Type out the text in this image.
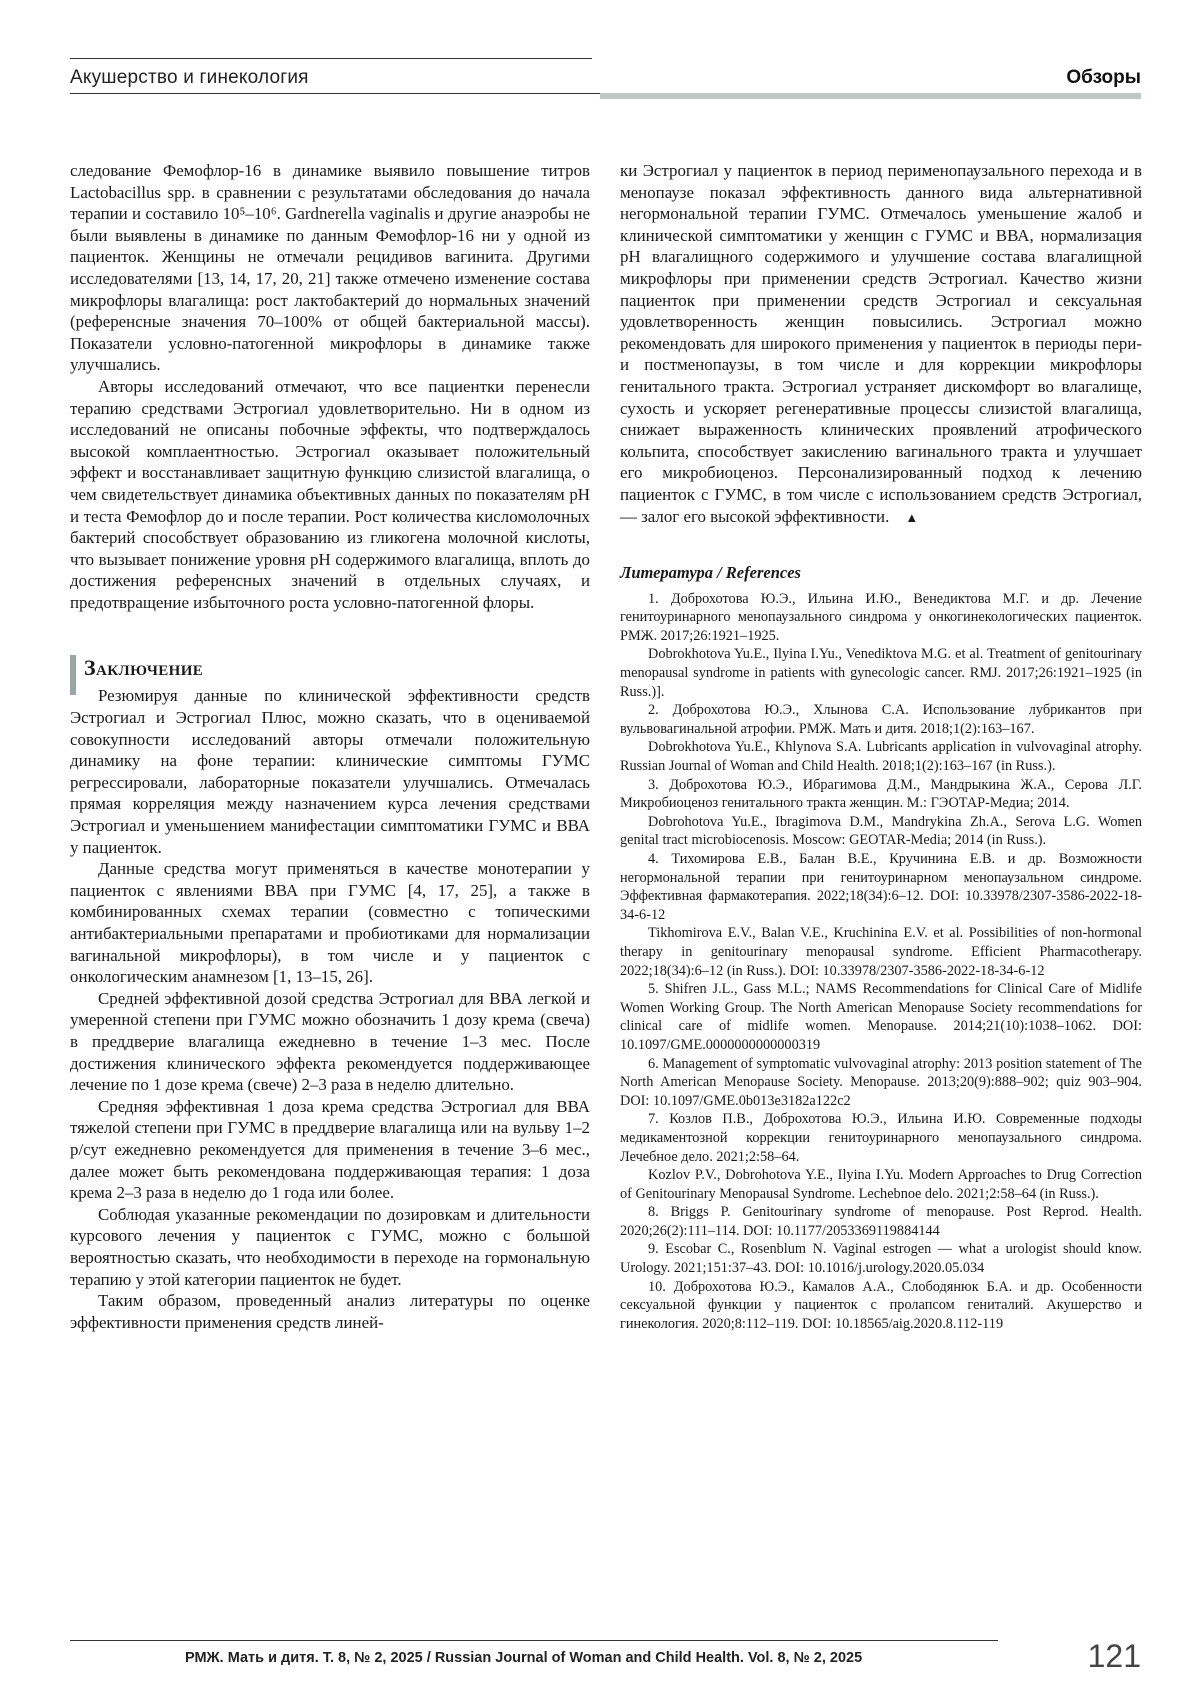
Акушерство и гинекология	Обзоры

следование Фемофлор-16 в динамике выявило повышение титров Lactobacillus spp. в сравнении с результатами обследования до начала терапии и составило 10⁵–10⁶. Gardnerella vaginalis и другие анаэробы не были выявлены в динамике по данным Фемофлор-16 ни у одной из пациенток. Женщины не отмечали рецидивов вагинита. Другими исследователями [13, 14, 17, 20, 21] также отмечено изменение состава микрофлоры влагалища: рост лактобактерий до нормальных значений (референсные значения 70–100% от общей бактериальной массы). Показатели условно-патогенной микрофлоры в динамике также улучшались.

Авторы исследований отмечают, что все пациентки перенесли терапию средствами Эстрогиал удовлетворительно. Ни в одном из исследований не описаны побочные эффекты, что подтверждалось высокой комплаентностью. Эстрогиал оказывает положительный эффект и восстанавливает защитную функцию слизистой влагалища, о чем свидетельствует динамика объективных данных по показателям pH и теста Фемофлор до и после терапии. Рост количества кисломолочных бактерий способствует образованию из гликогена молочной кислоты, что вызывает понижение уровня pH содержимого влагалища, вплоть до достижения референсных значений в отдельных случаях, и предотвращение избыточного роста условно-патогенной флоры.

Заключение

Резюмируя данные по клинической эффективности средств Эстрогиал и Эстрогиал Плюс, можно сказать, что в оцениваемой совокупности исследований авторы отмечали положительную динамику на фоне терапии: клинические симптомы ГУМС регрессировали, лабораторные показатели улучшались. Отмечалась прямая корреляция между назначением курса лечения средствами Эстрогиал и уменьшением манифестации симптоматики ГУМС и ВВА у пациенток.

Данные средства могут применяться в качестве монотерапии у пациенток с явлениями ВВА при ГУМС [4, 17, 25], а также в комбинированных схемах терапии (совместно с топическими антибактериальными препаратами и пробиотиками для нормализации вагинальной микрофлоры), в том числе и у пациенток с онкологическим анамнезом [1, 13–15, 26].

Средней эффективной дозой средства Эстрогиал для ВВА легкой и умеренной степени при ГУМС можно обозначить 1 дозу крема (свеча) в преддверие влагалища ежедневно в течение 1–3 мес. После достижения клинического эффекта рекомендуется поддерживающее лечение по 1 дозе крема (свече) 2–3 раза в неделю длительно.

Средняя эффективная 1 доза крема средства Эстрогиал для ВВА тяжелой степени при ГУМС в преддверие влагалища или на вульву 1–2 р/сут ежедневно рекомендуется для применения в течение 3–6 мес., далее может быть рекомендована поддерживающая терапия: 1 доза крема 2–3 раза в неделю до 1 года или более.

Соблюдая указанные рекомендации по дозировкам и длительности курсового лечения у пациенток с ГУМС, можно с большой вероятностью сказать, что необходимости в переходе на гормональную терапию у этой категории пациенток не будет.

Таким образом, проведенный анализ литературы по оценке эффективности применения средств линей-

ки Эстрогиал у пациенток в период перименопаузального перехода и в менопаузе показал эффективность данного вида альтернативной негормональной терапии ГУМС. Отмечалось уменьшение жалоб и клинической симптоматики у женщин с ГУМС и ВВА, нормализация pH влагалищного содержимого и улучшение состава влагалищной микрофлоры при применении средств Эстрогиал. Качество жизни пациенток при применении средств Эстрогиал и сексуальная удовлетворенность женщин повысились. Эстрогиал можно рекомендовать для широкого применения у пациенток в периоды пери- и постменопаузы, в том числе и для коррекции микрофлоры генитального тракта. Эстрогиал устраняет дискомфорт во влагалище, сухость и ускоряет регенеративные процессы слизистой влагалища, снижает выраженность клинических проявлений атрофического кольпита, способствует закислению вагинального тракта и улучшает его микробиоценоз. Персонализированный подход к лечению пациенток с ГУМС, в том числе с использованием средств Эстрогиал, — залог его высокой эффективности. ▲

Литература / References

1. Доброхотова Ю.Э., Ильина И.Ю., Венедиктова М.Г. и др. Лечение генитоуринарного менопаузального синдрома у онкогинекологических пациенток. РМЖ. 2017;26:1921–1925.

Dobrokhotova Yu.E., Ilyina I.Yu., Venediktova M.G. et al. Treatment of genitourinary menopausal syndrome in patients with gynecologic cancer. RMJ. 2017;26:1921–1925 (in Russ.)].

2. Доброхотова Ю.Э., Хлынова С.А. Использование лубрикантов при вульвовагинальной атрофии. РМЖ. Мать и дитя. 2018;1(2):163–167.

Dobrokhotova Yu.E., Khlynova S.A. Lubricants application in vulvovaginal atrophy. Russian Journal of Woman and Child Health. 2018;1(2):163–167 (in Russ.).

3. Доброхотова Ю.Э., Ибрагимова Д.М., Мандрыкина Ж.А., Серова Л.Г. Микробиоценоз генитального тракта женщин. М.: ГЭОТАР-Медиа; 2014.

Dobrohotova Yu.E., Ibragimova D.M., Mandrykina Zh.A., Serova L.G. Women genital tract microbiocenosis. Moscow: GEOTAR-Media; 2014 (in Russ.).

4. Тихомирова Е.В., Балан В.Е., Кручинина Е.В. и др. Возможности негормональной терапии при генитоуринарном менопаузальном синдроме. Эффективная фармакотерапия. 2022;18(34):6–12. DOI: 10.33978/2307-3586-2022-18-34-6-12

Tikhomirova E.V., Balan V.E., Kruchinina E.V. et al. Possibilities of non-hormonal therapy in genitourinary menopausal syndrome. Efficient Pharmacotherapy. 2022;18(34):6–12 (in Russ.). DOI: 10.33978/2307-3586-2022-18-34-6-12

5. Shifren J.L., Gass M.L.; NAMS Recommendations for Clinical Care of Midlife Women Working Group. The North American Menopause Society recommendations for clinical care of midlife women. Menopause. 2014;21(10):1038–1062. DOI: 10.1097/GME.0000000000000319

6. Management of symptomatic vulvovaginal atrophy: 2013 position statement of The North American Menopause Society. Menopause. 2013;20(9):888–902; quiz 903–904. DOI: 10.1097/GME.0b013e3182a122c2

7. Козлов П.В., Доброхотова Ю.Э., Ильина И.Ю. Современные подходы медикаментозной коррекции генитоуринарного менопаузального синдрома. Лечебное дело. 2021;2:58–64.

Kozlov P.V., Dobrohotova Y.E., Ilyina I.Yu. Modern Approaches to Drug Correction of Genitourinary Menopausal Syndrome. Lechebnoe delo. 2021;2:58–64 (in Russ.).

8. Briggs P. Genitourinary syndrome of menopause. Post Reprod. Health. 2020;26(2):111–114. DOI: 10.1177/2053369119884144

9. Escobar C., Rosenblum N. Vaginal estrogen — what a urologist should know. Urology. 2021;151:37–43. DOI: 10.1016/j.urology.2020.05.034

10. Доброхотова Ю.Э., Камалов А.А., Слободянюк Б.А. и др. Особенности сексуальной функции у пациенток с пролапсом гениталий. Акушерство и гинекология. 2020;8:112–119. DOI: 10.18565/aig.2020.8.112-119

РМЖ. Мать и дитя. Т. 8, № 2, 2025 / Russian Journal of Woman and Child Health. Vol. 8, № 2, 2025	121
